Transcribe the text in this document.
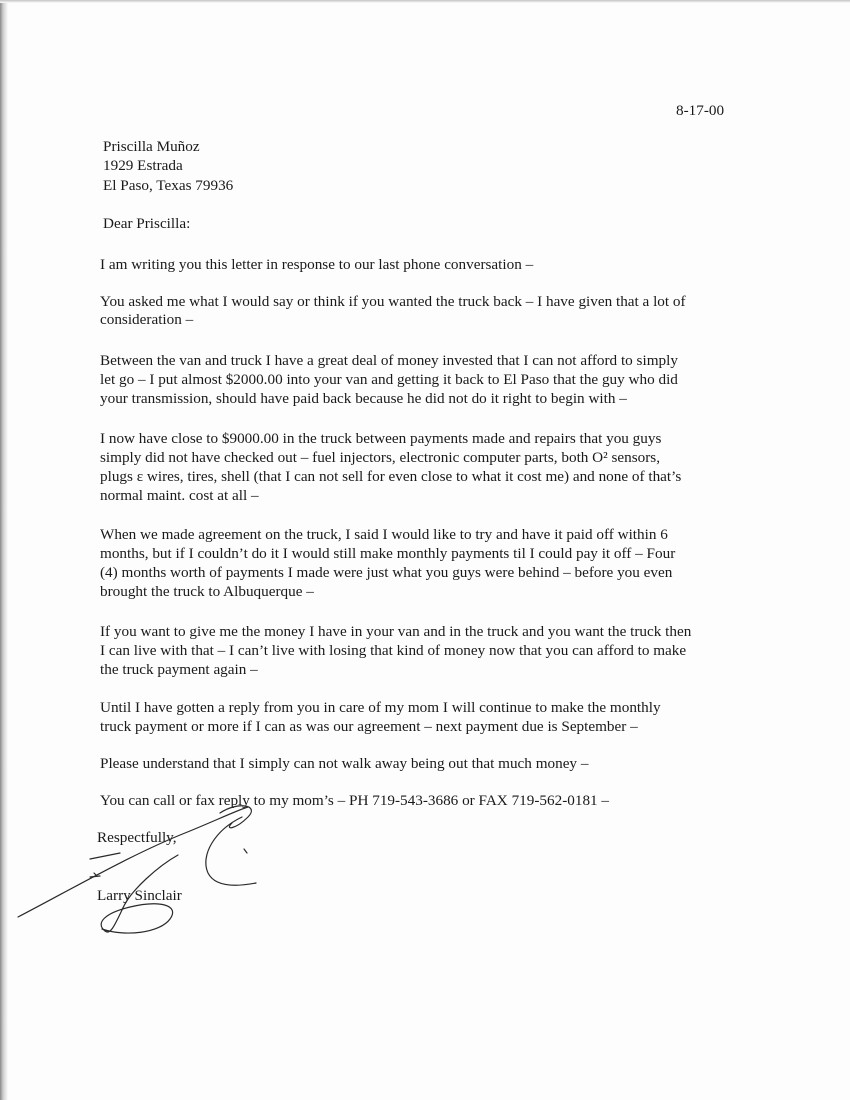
8-17-00
Priscilla Muñoz
1929 Estrada
El Paso, Texas 79936
Dear Priscilla:
I am writing you this letter in response to our last phone conversation –
You asked me what I would say or think if you wanted the truck back – I have given that a lot of
consideration –
Between the van and truck I have a great deal of money invested that I can not afford to simply
let go – I put almost $2000.00 into your van and getting it back to El Paso that the guy who did
your transmission, should have paid back because he did not do it right to begin with –
I now have close to $9000.00 in the truck between payments made and repairs that you guys
simply did not have checked out – fuel injectors, electronic computer parts, both O² sensors,
plugs ε wires, tires, shell (that I can not sell for even close to what it cost me) and none of that’s
normal maint. cost at all –
When we made agreement on the truck, I said I would like to try and have it paid off within 6
months, but if I couldn’t do it I would still make monthly payments til I could pay it off – Four
(4) months worth of payments I made were just what you guys were behind – before you even
brought the truck to Albuquerque –
If you want to give me the money I have in your van and in the truck and you want the truck then
I can live with that – I can’t live with losing that kind of money now that you can afford to make
the truck payment again –
Until I have gotten a reply from you in care of my mom I will continue to make the monthly
truck payment or more if I can as was our agreement – next payment due is September –
Please understand that I simply can not walk away being out that much money –
You can call or fax reply to my mom’s – PH 719-543-3686 or FAX 719-562-0181 –
Respectfully,
Larry Sinclair
